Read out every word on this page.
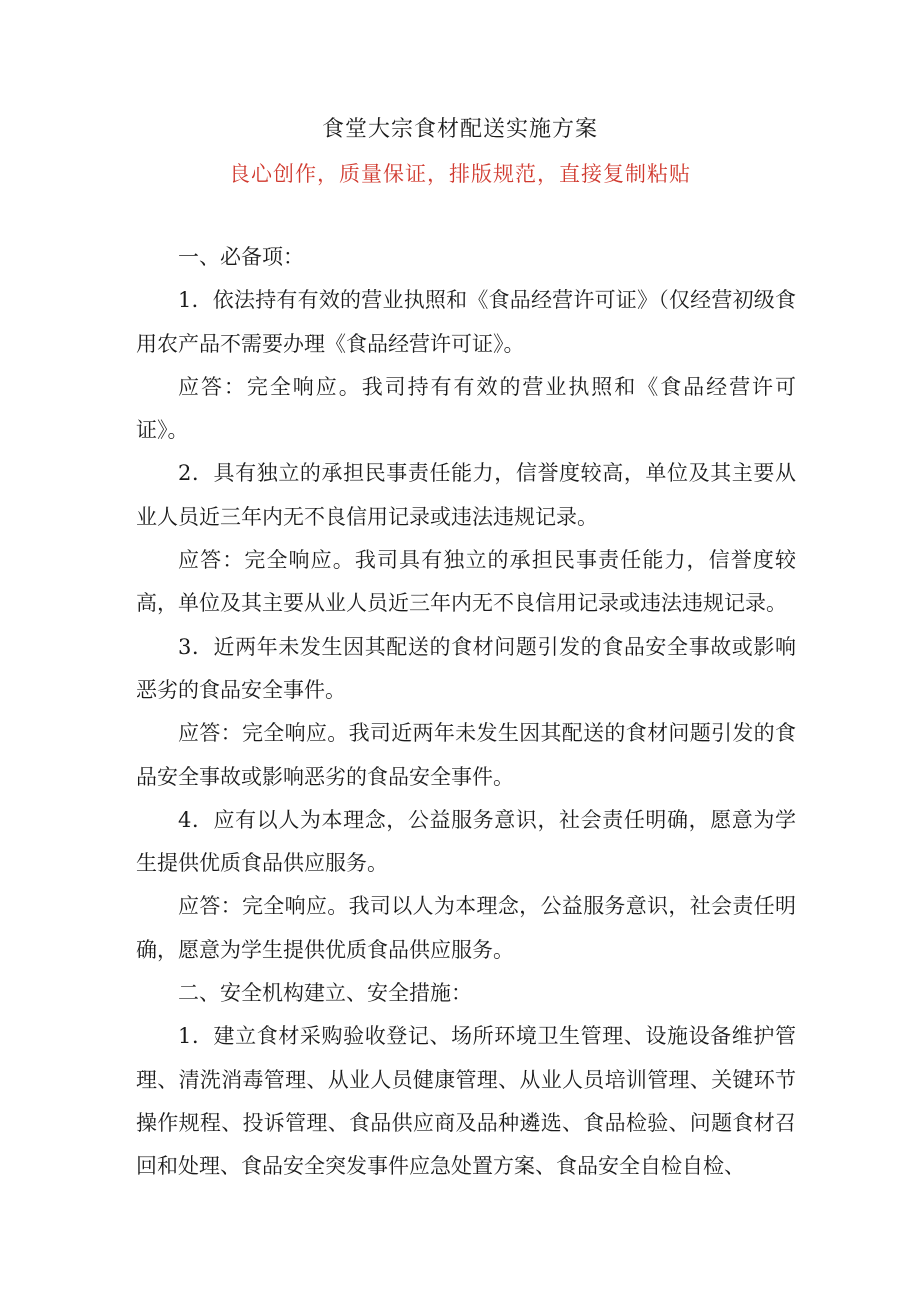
食堂大宗食材配送实施方案
良心创作，质量保证，排版规范，直接复制粘贴

一、必备项：

1．依法持有有效的营业执照和《食品经营许可证》（仅经营初级食用农产品不需要办理《食品经营许可证》。

应答：完全响应。我司持有有效的营业执照和《食品经营许可证》。

2．具有独立的承担民事责任能力，信誉度较高，单位及其主要从业人员近三年内无不良信用记录或违法违规记录。

应答：完全响应。我司具有独立的承担民事责任能力，信誉度较高，单位及其主要从业人员近三年内无不良信用记录或违法违规记录。

3．近两年未发生因其配送的食材问题引发的食品安全事故或影响恶劣的食品安全事件。

应答：完全响应。我司近两年未发生因其配送的食材问题引发的食品安全事故或影响恶劣的食品安全事件。

4．应有以人为本理念，公益服务意识，社会责任明确，愿意为学生提供优质食品供应服务。

应答：完全响应。我司以人为本理念，公益服务意识，社会责任明确，愿意为学生提供优质食品供应服务。

二、安全机构建立、安全措施：

1．建立食材采购验收登记、场所环境卫生管理、设施设备维护管理、清洗消毒管理、从业人员健康管理、从业人员培训管理、关键环节操作规程、投诉管理、食品供应商及品种遴选、食品检验、问题食材召回和处理、食品安全突发事件应急处置方案、食品安全自检自检、
